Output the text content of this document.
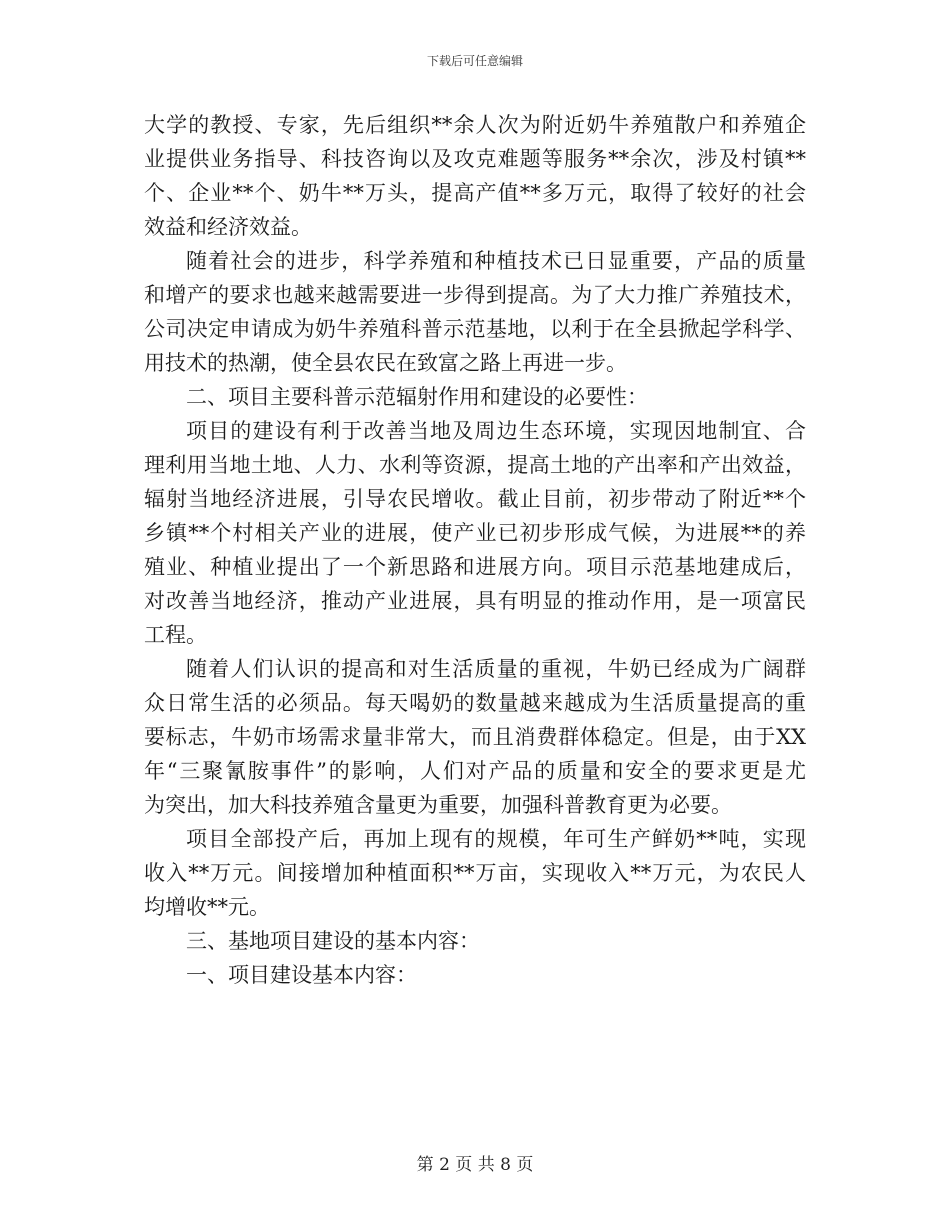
下载后可任意编辑
大学的教授、专家，先后组织**余人次为附近奶牛养殖散户和养殖企
业提供业务指导、科技咨询以及攻克难题等服务**余次，涉及村镇**
个、企业**个、奶牛**万头，提高产值**多万元，取得了较好的社会
效益和经济效益。
随着社会的进步，科学养殖和种植技术已日显重要，产品的质量
和增产的要求也越来越需要进一步得到提高。为了大力推广养殖技术，
公司决定申请成为奶牛养殖科普示范基地，以利于在全县掀起学科学、
用技术的热潮，使全县农民在致富之路上再进一步。
二、项目主要科普示范辐射作用和建设的必要性：
项目的建设有利于改善当地及周边生态环境，实现因地制宜、合
理利用当地土地、人力、水利等资源，提高土地的产出率和产出效益，
辐射当地经济进展，引导农民增收。截止目前，初步带动了附近**个
乡镇**个村相关产业的进展，使产业已初步形成气候，为进展**的养
殖业、种植业提出了一个新思路和进展方向。项目示范基地建成后，
对改善当地经济，推动产业进展，具有明显的推动作用，是一项富民
工程。
随着人们认识的提高和对生活质量的重视，牛奶已经成为广阔群
众日常生活的必须品。每天喝奶的数量越来越成为生活质量提高的重
要标志，牛奶市场需求量非常大，而且消费群体稳定。但是，由于XX
年“三聚氰胺事件”的影响，人们对产品的质量和安全的要求更是尤
为突出，加大科技养殖含量更为重要，加强科普教育更为必要。
项目全部投产后，再加上现有的规模，年可生产鲜奶**吨，实现
收入**万元。间接增加种植面积**万亩，实现收入**万元，为农民人
均增收**元。
三、基地项目建设的基本内容：
一、项目建设基本内容：
第 2 页 共 8 页
